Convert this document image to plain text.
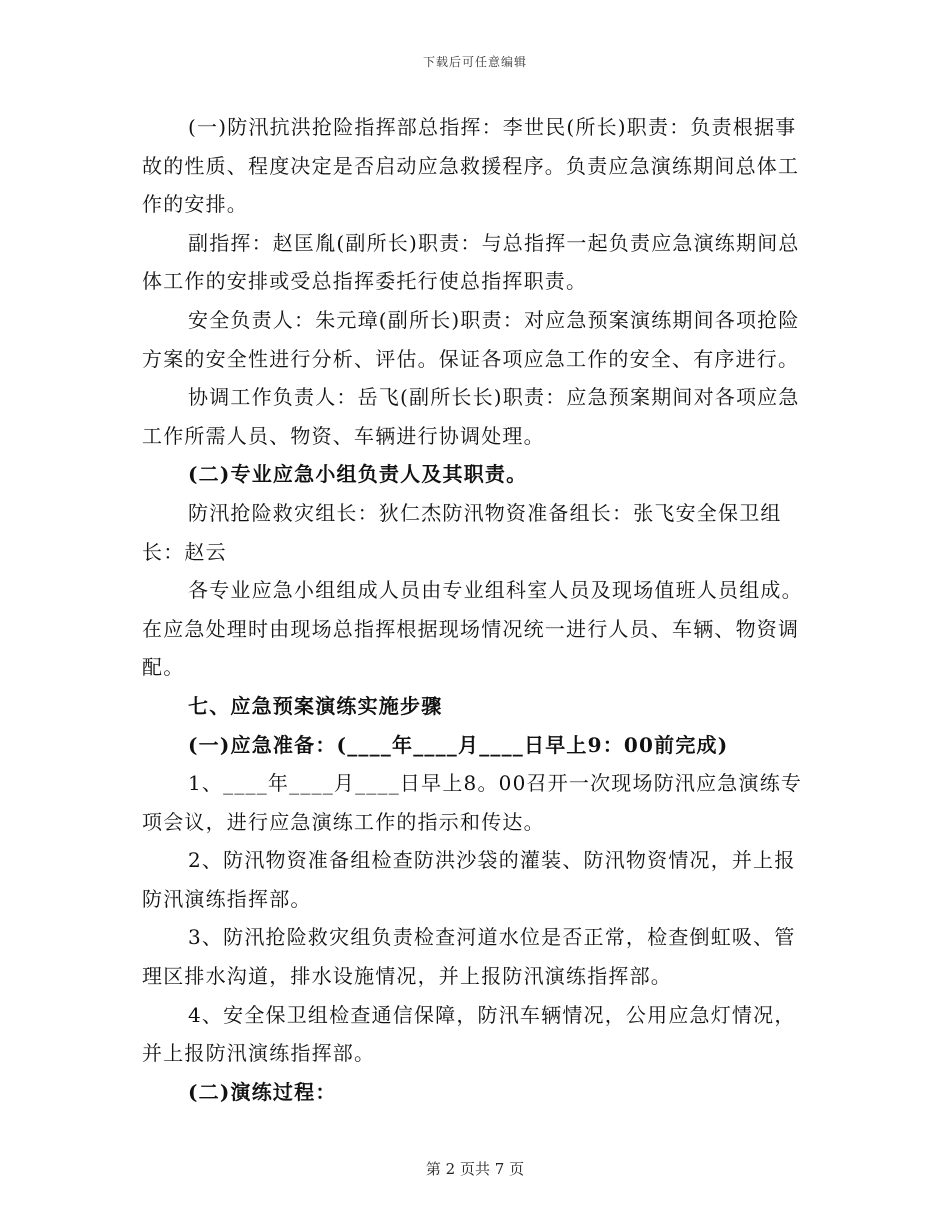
下载后可任意编辑

(一)防汛抗洪抢险指挥部总指挥：李世民(所长)职责：负责根据事故的性质、程度决定是否启动应急救援程序。负责应急演练期间总体工作的安排。

副指挥：赵匡胤(副所长)职责：与总指挥一起负责应急演练期间总体工作的安排或受总指挥委托行使总指挥职责。

安全负责人：朱元璋(副所长)职责：对应急预案演练期间各项抢险方案的安全性进行分析、评估。保证各项应急工作的安全、有序进行。

协调工作负责人：岳飞(副所长长)职责：应急预案期间对各项应急工作所需人员、物资、车辆进行协调处理。

(二)专业应急小组负责人及其职责。

防汛抢险救灾组长：狄仁杰防汛物资准备组长：张飞安全保卫组长：赵云

各专业应急小组组成人员由专业组科室人员及现场值班人员组成。在应急处理时由现场总指挥根据现场情况统一进行人员、车辆、物资调配。

七、应急预案演练实施步骤

(一)应急准备：(____年____月____日早上9：00前完成)

1、____年____月____日早上8。00召开一次现场防汛应急演练专项会议，进行应急演练工作的指示和传达。

2、防汛物资准备组检查防洪沙袋的灌装、防汛物资情况，并上报防汛演练指挥部。

3、防汛抢险救灾组负责检查河道水位是否正常，检查倒虹吸、管理区排水沟道，排水设施情况，并上报防汛演练指挥部。

4、安全保卫组检查通信保障，防汛车辆情况，公用应急灯情况，并上报防汛演练指挥部。

(二)演练过程：

第 2 页共 7 页
